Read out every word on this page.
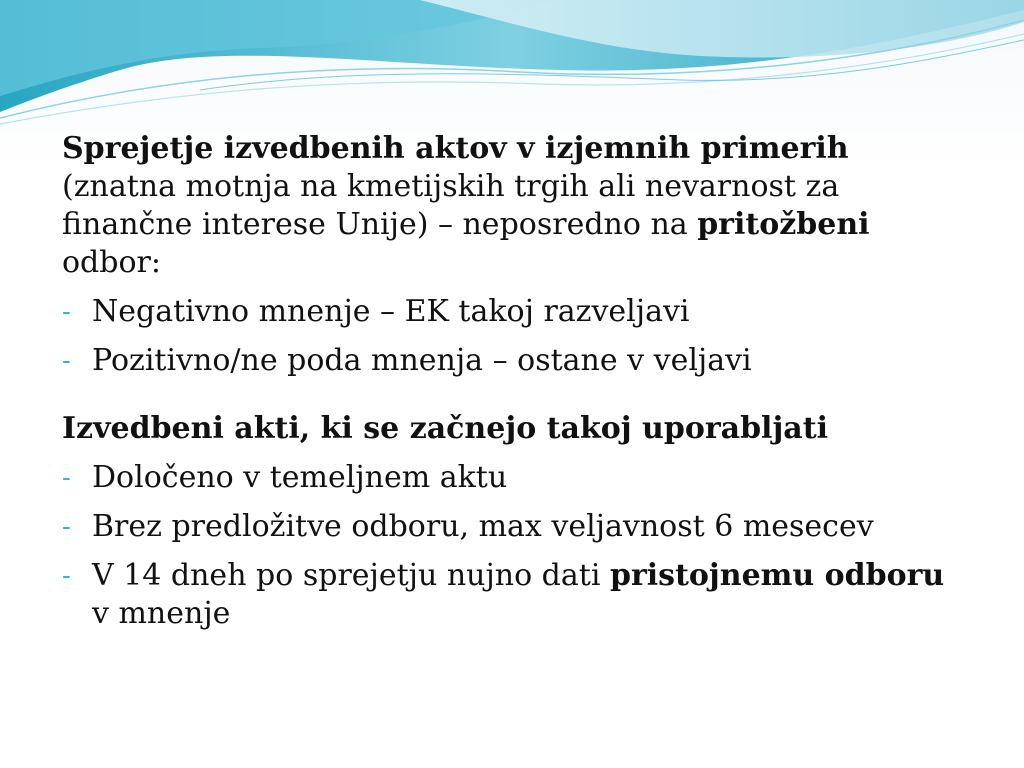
Sprejetje izvedbenih aktov v izjemnih primerih (znatna motnja na kmetijskih trgih ali nevarnost za finančne interese Unije) – neposredno na pritožbeni odbor:

- Negativno mnenje – EK takoj razveljavi
- Pozitivno/ne poda mnenja – ostane v veljavi
Izvedbeni akti, ki se začnejo takoj uporabljati
- Določeno v temeljnem aktu
- Brez predložitve odboru, max veljavnost 6 mesecev
- V 14 dneh po sprejetju nujno dati pristojnemu odboru v mnenje
